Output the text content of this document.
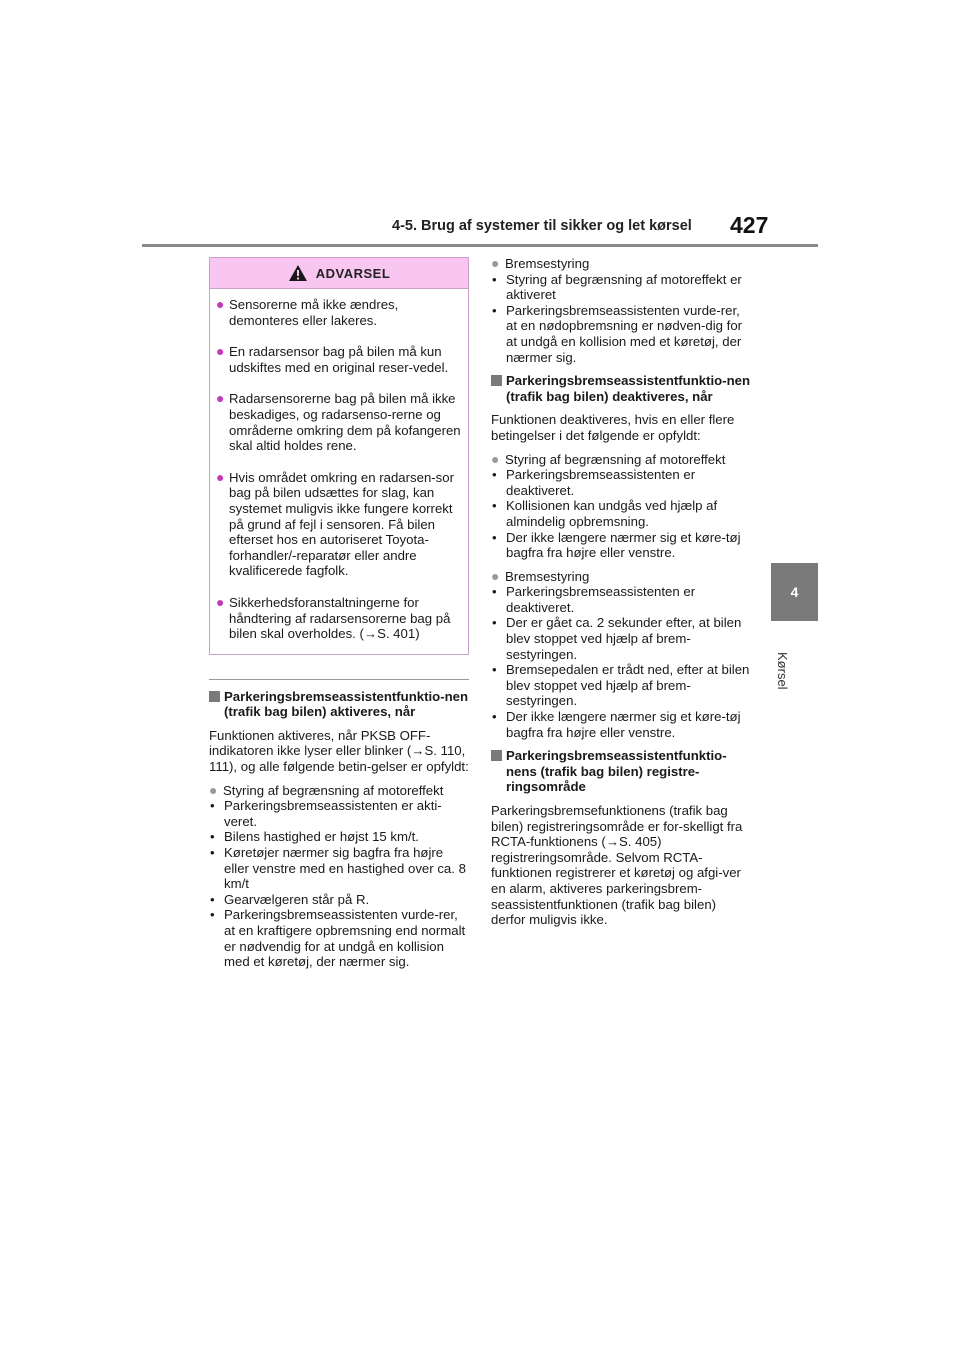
4-5. Brug af systemer til sikker og let kørsel 427
4
Kørsel
ADVARSEL
● Sensorerne må ikke ændres, demonteres eller lakeres.
● En radarsensor bag på bilen må kun udskiftes med en original reser-vedel.
● Radarsensorerne bag på bilen må ikke beskadiges, og radarsenso-rerne og områderne omkring dem på kofangeren skal altid holdes rene.
● Hvis området omkring en radarsen-sor bag på bilen udsættes for slag, kan systemet muligvis ikke fungere korrekt på grund af fejl i sensoren. Få bilen efterset hos en autoriseret Toyota-forhandler/-reparatør eller andre kvalificerede fagfolk.
● Sikkerhedsforanstaltningerne for håndtering af radarsensorerne bag på bilen skal overholdes. (→S. 401)
Parkeringsbremseassistentfunktio-nen (trafik bag bilen) aktiveres, når
Funktionen aktiveres, når PKSB OFF-indikatoren ikke lyser eller blinker (→S. 110, 111), og alle følgende betin-gelser er opfyldt:
● Styring af begrænsning af motoreffekt
• Parkeringsbremseassistenten er akti-veret.
• Bilens hastighed er højst 15 km/t.
• Køretøjer nærmer sig bagfra fra højre eller venstre med en hastighed over ca. 8 km/t
• Gearvælgeren står på R.
• Parkeringsbremseassistenten vurde-rer, at en kraftigere opbremsning end normalt er nødvendig for at undgå en kollision med et køretøj, der nærmer sig.
● Bremsestyring
• Styring af begrænsning af motoreffekt er aktiveret
• Parkeringsbremseassistenten vurde-rer, at en nødopbremsning er nødven-dig for at undgå en kollision med et køretøj, der nærmer sig.
Parkeringsbremseassistentfunktio-nen (trafik bag bilen) deaktiveres, når
Funktionen deaktiveres, hvis en eller flere betingelser i det følgende er opfyldt:
● Styring af begrænsning af motoreffekt
• Parkeringsbremseassistenten er deaktiveret.
• Kollisionen kan undgås ved hjælp af almindelig opbremsning.
• Der ikke længere nærmer sig et køre-tøj bagfra fra højre eller venstre.
● Bremsestyring
• Parkeringsbremseassistenten er deaktiveret.
• Der er gået ca. 2 sekunder efter, at bilen blev stoppet ved hjælp af brem-sestyringen.
• Bremsepedalen er trådt ned, efter at bilen blev stoppet ved hjælp af brem-sestyringen.
• Der ikke længere nærmer sig et køre-tøj bagfra fra højre eller venstre.
Parkeringsbremseassistentfunktio-nens (trafik bag bilen) registre-ringsområde
Parkeringsbremsefunktionens (trafik bag bilen) registreringsområde er for-skelligt fra RCTA-funktionens (→S. 405) registreringsområde. Selvom RCTA-funktionen registrerer et køretøj og afgi-ver en alarm, aktiveres parkeringsbrem-seassistentfunktionen (trafik bag bilen) derfor muligvis ikke.
